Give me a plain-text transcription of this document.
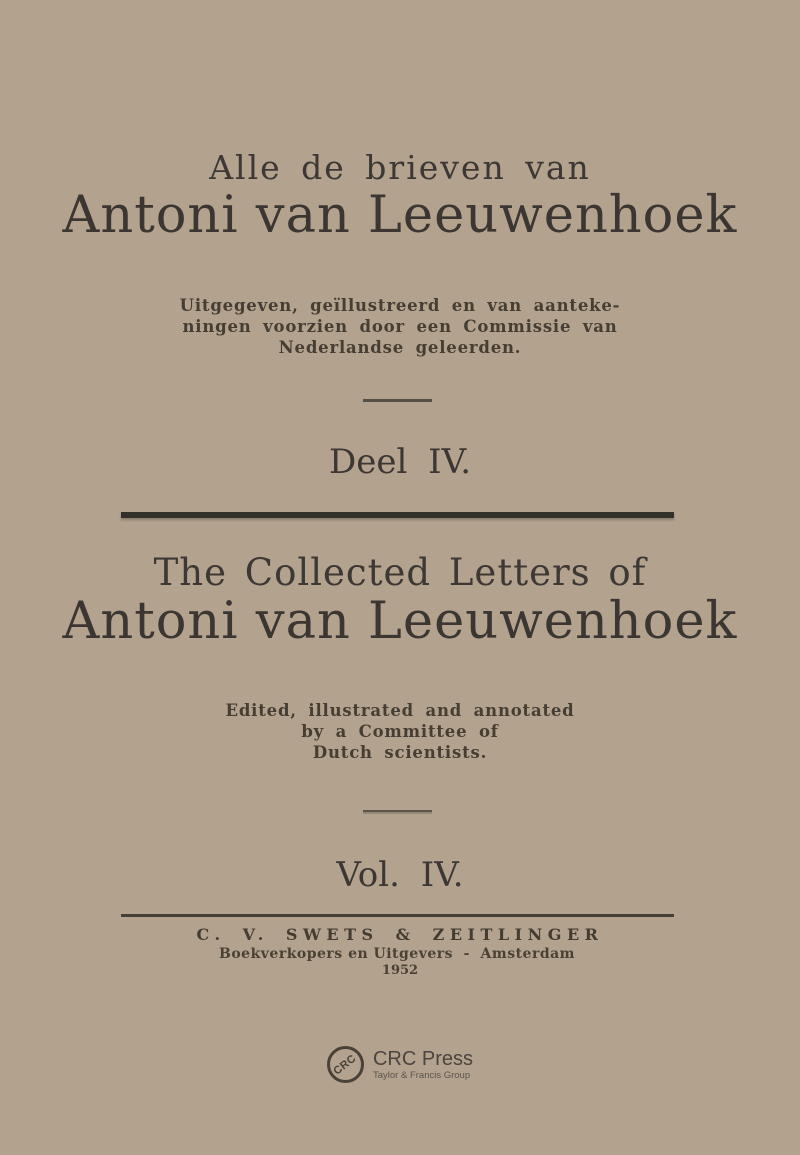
Alle de brieven van
Antoni van Leeuwenhoek
Uitgegeven, geïllustreerd en van aanteke-
ningen voorzien door een Commissie van
Nederlandse geleerden.
Deel IV.
The Collected Letters of
Antoni van Leeuwenhoek
Edited, illustrated and annotated
by a Committee of
Dutch scientists.
Vol. IV.
C. V. SWETS & ZEITLINGER
Boekverkopers en Uitgevers - Amsterdam
1952
CRC CRC Press
Taylor & Francis Group
